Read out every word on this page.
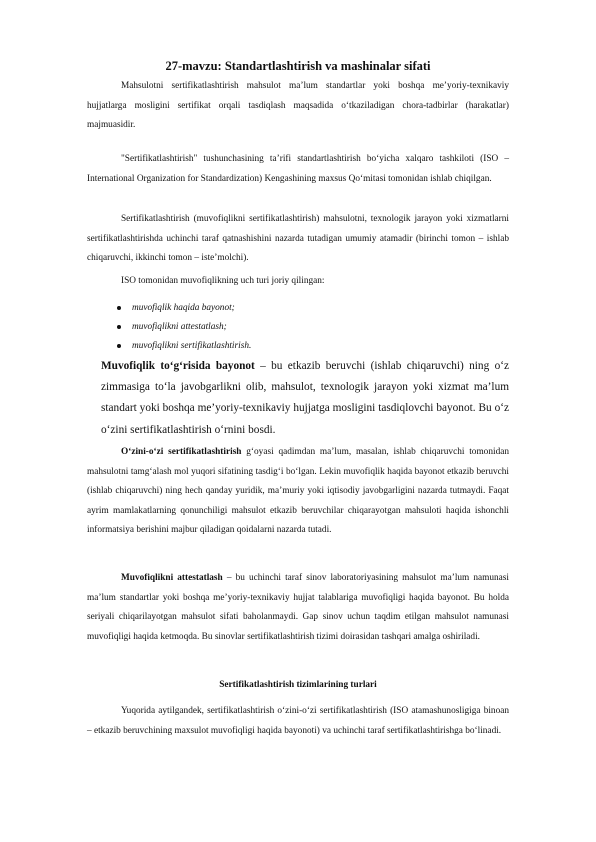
27-mavzu: Standartlashtirish va mashinalar sifati

Mahsulotni sertifikatlashtirish mahsulot ma’lum standartlar yoki boshqa me’yoriy-texnikaviy hujjatlarga mosligini sertifikat orqali tasdiqlash maqsadida o‘tkaziladigan chora-tadbirlar (harakatlar) majmuasidir.

"Sertifikatlashtirish" tushunchasining ta’rifi standartlashtirish bo‘yicha xalqaro tashkiloti (ISO – International Organization for Standardization) Kengashining maxsus Qo‘mitasi tomonidan ishlab chiqilgan.

Sertifikatlashtirish (muvofiqlikni sertifikatlashtirish) mahsulotni, texnologik jarayon yoki xizmatlarni sertifikatlashtirishda uchinchi taraf qatnashishini nazarda tutadigan umumiy atamadir (birinchi tomon – ishlab chiqaruvchi, ikkinchi tomon – iste’molchi).

ISO tomonidan muvofiqlikning uch turi joriy qilingan:

muvofiqlik haqida bayonot;
muvofiqlikni attestatlash;
muvofiqlikni sertifikatlashtirish.

Muvofiqlik to‘g‘risida bayonot – bu etkazib beruvchi (ishlab chiqaruvchi) ning o‘z zimmasiga to‘la javobgarlikni olib, mahsulot, texnologik jarayon yoki xizmat ma’lum standart yoki boshqa me’yoriy-texnikaviy hujjatga mosligini tasdiqlovchi bayonot. Bu o‘z o‘zini sertifikatlashtirish o‘rnini bosdi.

O‘zini-o‘zi sertifikatlashtirish g‘oyasi qadimdan ma’lum, masalan, ishlab chiqaruvchi tomonidan mahsulotni tamg‘alash mol yuqori sifatining tasdig‘i bo‘lgan. Lekin muvofiqlik haqida bayonot etkazib beruvchi (ishlab chiqaruvchi) ning hech qanday yuridik, ma’muriy yoki iqtisodiy javobgarligini nazarda tutmaydi. Faqat ayrim mamlakatlarning qonunchiligi mahsulot etkazib beruvchilar chiqarayotgan mahsuloti haqida ishonchli informatsiya berishini majbur qiladigan qoidalarni nazarda tutadi.

Muvofiqlikni attestatlash – bu uchinchi taraf sinov laboratoriyasining mahsulot ma’lum namunasi ma’lum standartlar yoki boshqa me’yoriy-texnikaviy hujjat talablariga muvofiqligi haqida bayonot. Bu holda seriyali chiqarilayotgan mahsulot sifati baholanmaydi. Gap sinov uchun taqdim etilgan mahsulot namunasi muvofiqligi haqida ketmoqda. Bu sinovlar sertifikatlashtirish tizimi doirasidan tashqari amalga oshiriladi.

Sertifikatlashtirish tizimlarining turlari

Yuqorida aytilgandek, sertifikatlashtirish o‘zini-o‘zi sertifikatlashtirish (ISO atamashunosligiga binoan – etkazib beruvchining maxsulot muvofiqligi haqida bayonoti) va uchinchi taraf sertifikatlashtirishga bo‘linadi.
